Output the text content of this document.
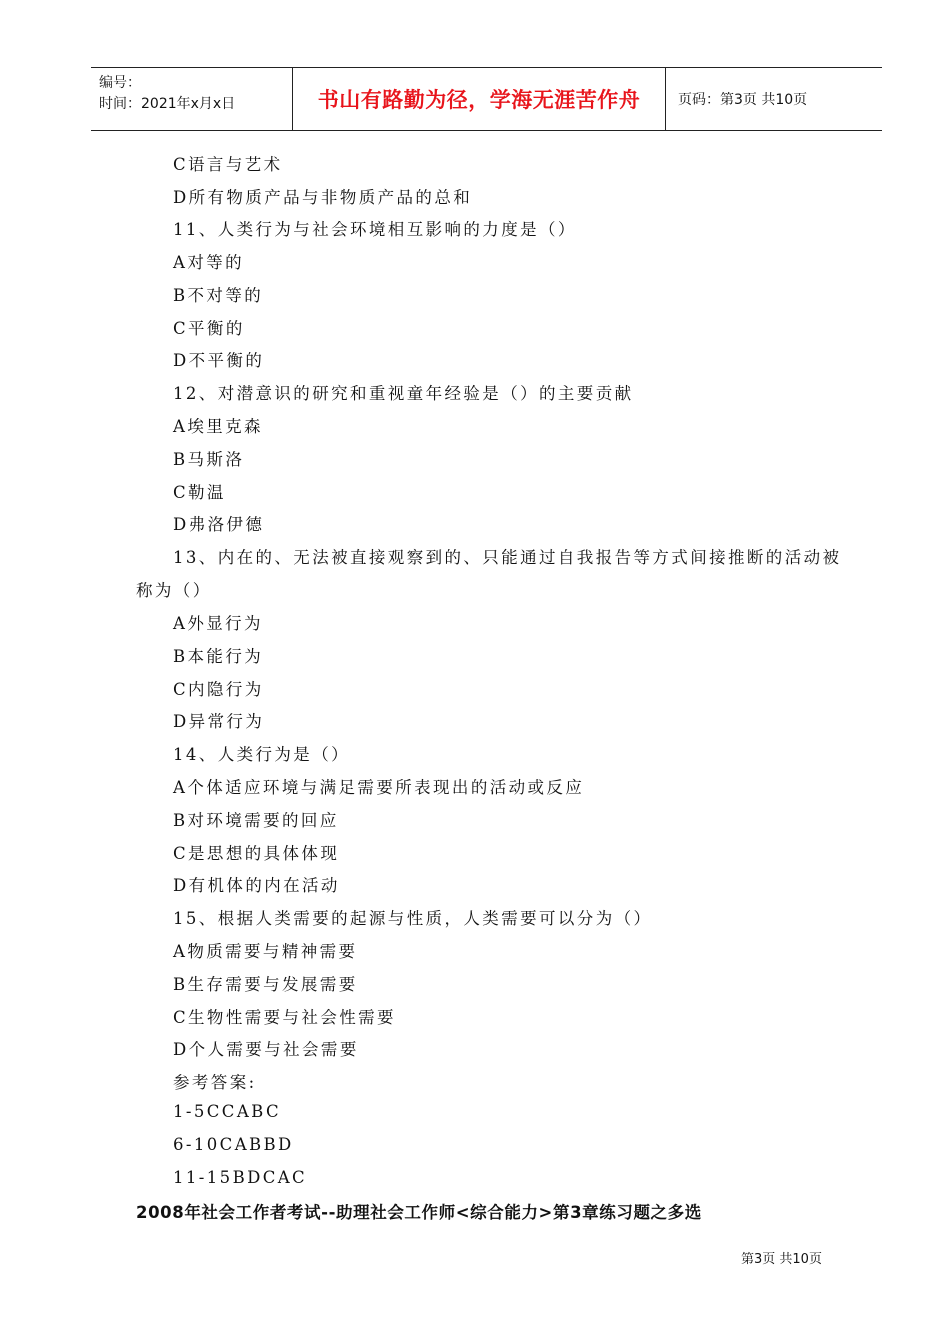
编号：
时间：2021年x月x日	书山有路勤为径，学海无涯苦作舟	页码：第3页 共10页
C语言与艺术
D所有物质产品与非物质产品的总和
11、人类行为与社会环境相互影响的力度是（）
A对等的
B不对等的
C平衡的
D不平衡的
12、对潜意识的研究和重视童年经验是（）的主要贡献
A埃里克森
B马斯洛
C勒温
D弗洛伊德
13、内在的、无法被直接观察到的、只能通过自我报告等方式间接推断的活动被
称为（）
A外显行为
B本能行为
C内隐行为
D异常行为
14、人类行为是（）
A个体适应环境与满足需要所表现出的活动或反应
B对环境需要的回应
C是思想的具体体现
D有机体的内在活动
15、根据人类需要的起源与性质，人类需要可以分为（）
A物质需要与精神需要
B生存需要与发展需要
C生物性需要与社会性需要
D个人需要与社会需要
参考答案:
1-5CCABC
6-10CABBD
11-15BDCAC
2008年社会工作者考试--助理社会工作师<综合能力>第3章练习题之多选
第3页 共10页
